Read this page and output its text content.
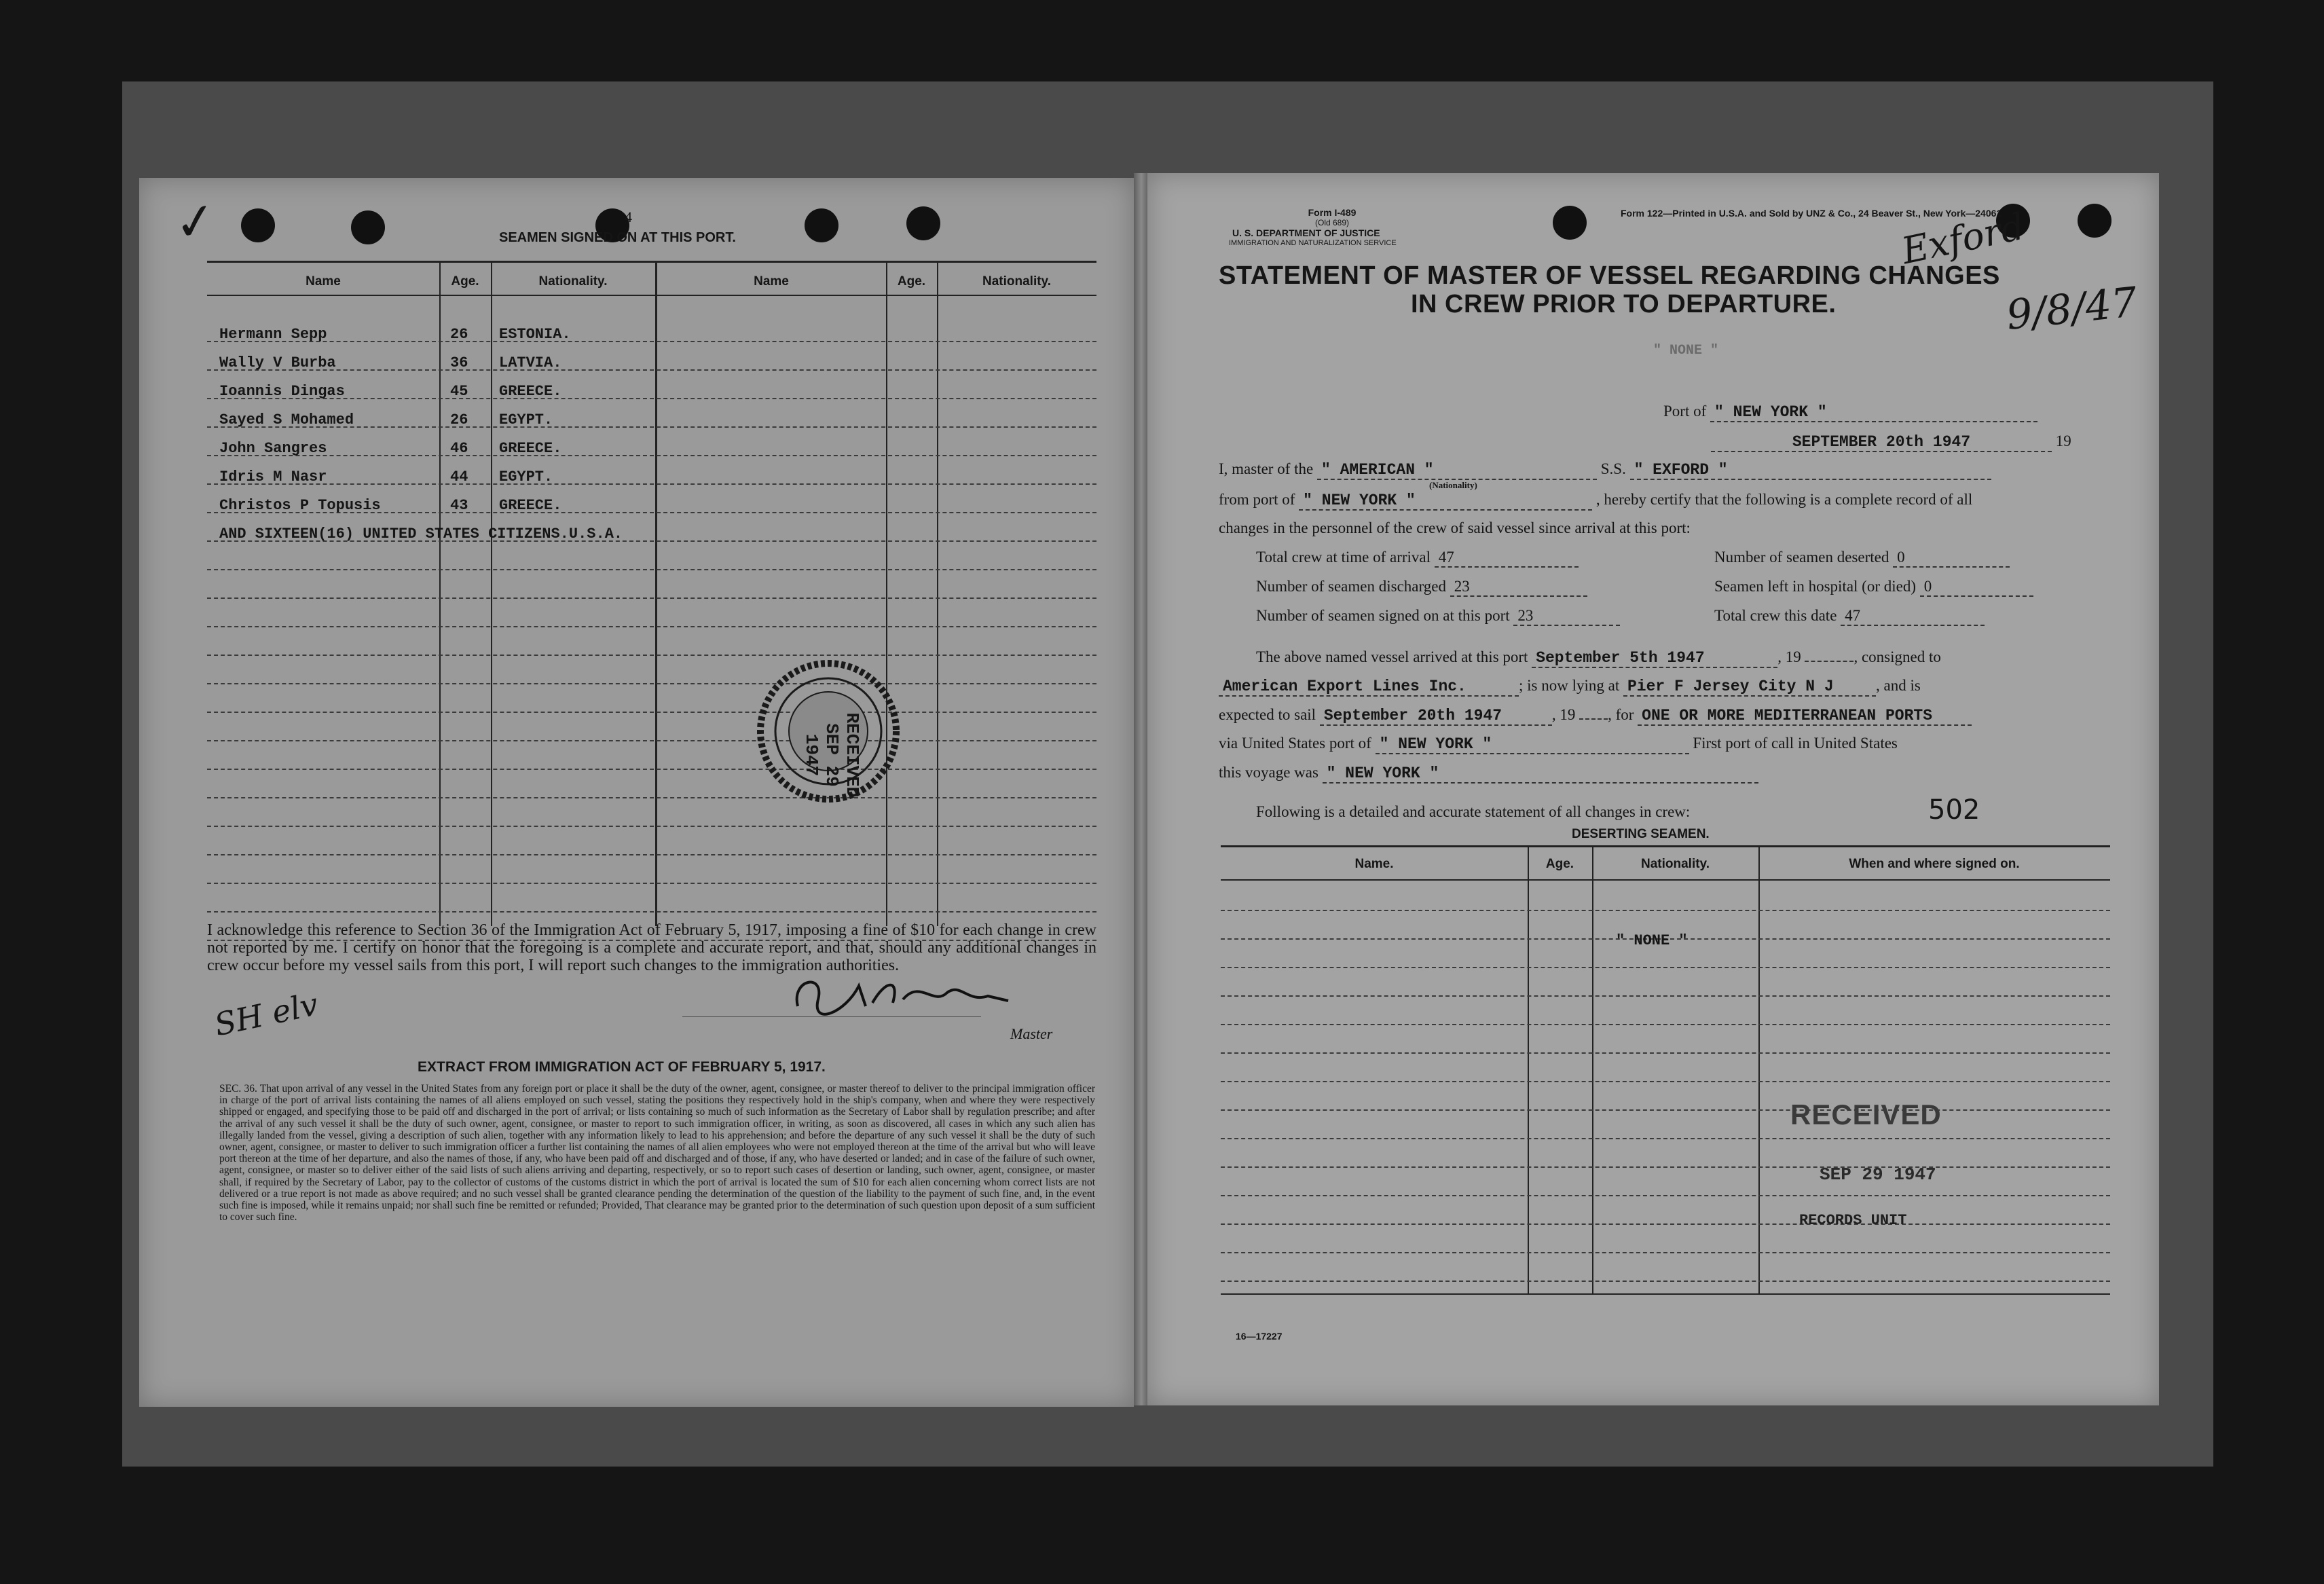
✓	4
SEAMEN SIGNED ON AT THIS PORT.
Name	Age.	Nationality.	Name	Age.	Nationality.
Hermann Sepp	26 ESTONIA.
Wally V Burba	36 LATVIA.
Ioannis Dingas	45 GREECE.
Sayed S Mohamed	26 EGYPT.
John Sangres	46 GREECE.
Idris M Nasr	44 EGYPT.
Christos P Topusis	43 GREECE.
AND SIXTEEN(16) UNITED STATES CITIZENS.U.S.A.
RECEIVED SEP 29 1947
I acknowledge this reference to Section 36 of the Immigration Act of February 5, 1917, imposing a fine of $10 for each change in crew not reported by me. I certify on honor that the foregoing is a complete and accurate report, and that, should any additional changes in crew occur before my vessel sails from this port, I will report such changes to the immigration authorities.
Master
SH elv
EXTRACT FROM IMMIGRATION ACT OF FEBRUARY 5, 1917.
SEC. 36. That upon arrival of any vessel in the United States from any foreign port or place it shall be the duty of the owner, agent, consignee, or master thereof to deliver to the principal immigration officer in charge of the port of arrival lists containing the names of all aliens employed on such vessel, stating the positions they respectively hold in the ship's company, when and where they were respectively shipped or engaged, and specifying those to be paid off and discharged in the port of arrival; or lists containing so much of such information as the Secretary of Labor shall by regulation prescribe; and after the arrival of any such vessel it shall be the duty of such owner, agent, consignee, or master to report to such immigration officer, in writing, as soon as discovered, all cases in which any such alien has illegally landed from the vessel, giving a description of such alien, together with any information likely to lead to his apprehension; and before the departure of any such vessel it shall be the duty of such owner, agent, consignee, or master to deliver to such immigration officer a further list containing the names of all alien employees who were not employed thereon at the time of the arrival but who will leave port thereon at the time of her departure, and also the names of those, if any, who have been paid off and discharged and of those, if any, who have deserted or landed; and in case of the failure of such owner, agent, consignee, or master so to deliver either of the said lists of such aliens arriving and departing, respectively, or so to report such cases of desertion or landing, such owner, agent, consignee, or master shall, if required by the Secretary of Labor, pay to the collector of customs of the customs district in which the port of arrival is located the sum of $10 for each alien concerning whom correct lists are not delivered or a true report is not made as above required; and no such vessel shall be granted clearance pending the determination of the question of the liability to the payment of such fine, and, in the event such fine is imposed, while it remains unpaid; nor shall such fine be remitted or refunded; Provided, That clearance may be granted prior to the determination of such question upon deposit of a sum sufficient to cover such fine.
Form I-489
(Old 689)
U. S. DEPARTMENT OF JUSTICE
IMMIGRATION AND NATURALIZATION SERVICE
Form 122—Printed in U.S.A. and Sold by UNZ & Co., 24 Beaver St., New York—24061
STATEMENT OF MASTER OF VESSEL REGARDING CHANGES
IN CREW PRIOR TO DEPARTURE.
Exford
9/8/47
" NONE "
Port of " NEW YORK "
SEPTEMBER 20th 1947	19
I, master of the " AMERICAN "	S.S. " EXFORD "
(Nationality)
from port of " NEW YORK "	, hereby certify that the following is a complete record of all
changes in the personnel of the crew of said vessel since arrival at this port:
Total crew at time of arrival 47	Number of seamen deserted 0
Number of seamen discharged 23	Seamen left in hospital (or died) 0
Number of seamen signed on at this port 23	Total crew this date 47
The above named vessel arrived at this port September 5th 1947	, 19	, consigned to
American Export Lines Inc.	; is now lying at Pier F Jersey City N J	, and is
expected to sail September 20th 1947	, 19 , for ONE OR MORE MEDITERRANEAN PORTS
via United States port of " NEW YORK "	First port of call in United States
this voyage was " NEW YORK "
Following is a detailed and accurate statement of all changes in crew:	502
DESERTING SEAMEN.
Name.	Age.	Nationality.	When and where signed on.
" NONE "
RECEIVED
SEP 29 1947
RECORDS UNIT
16—17227
